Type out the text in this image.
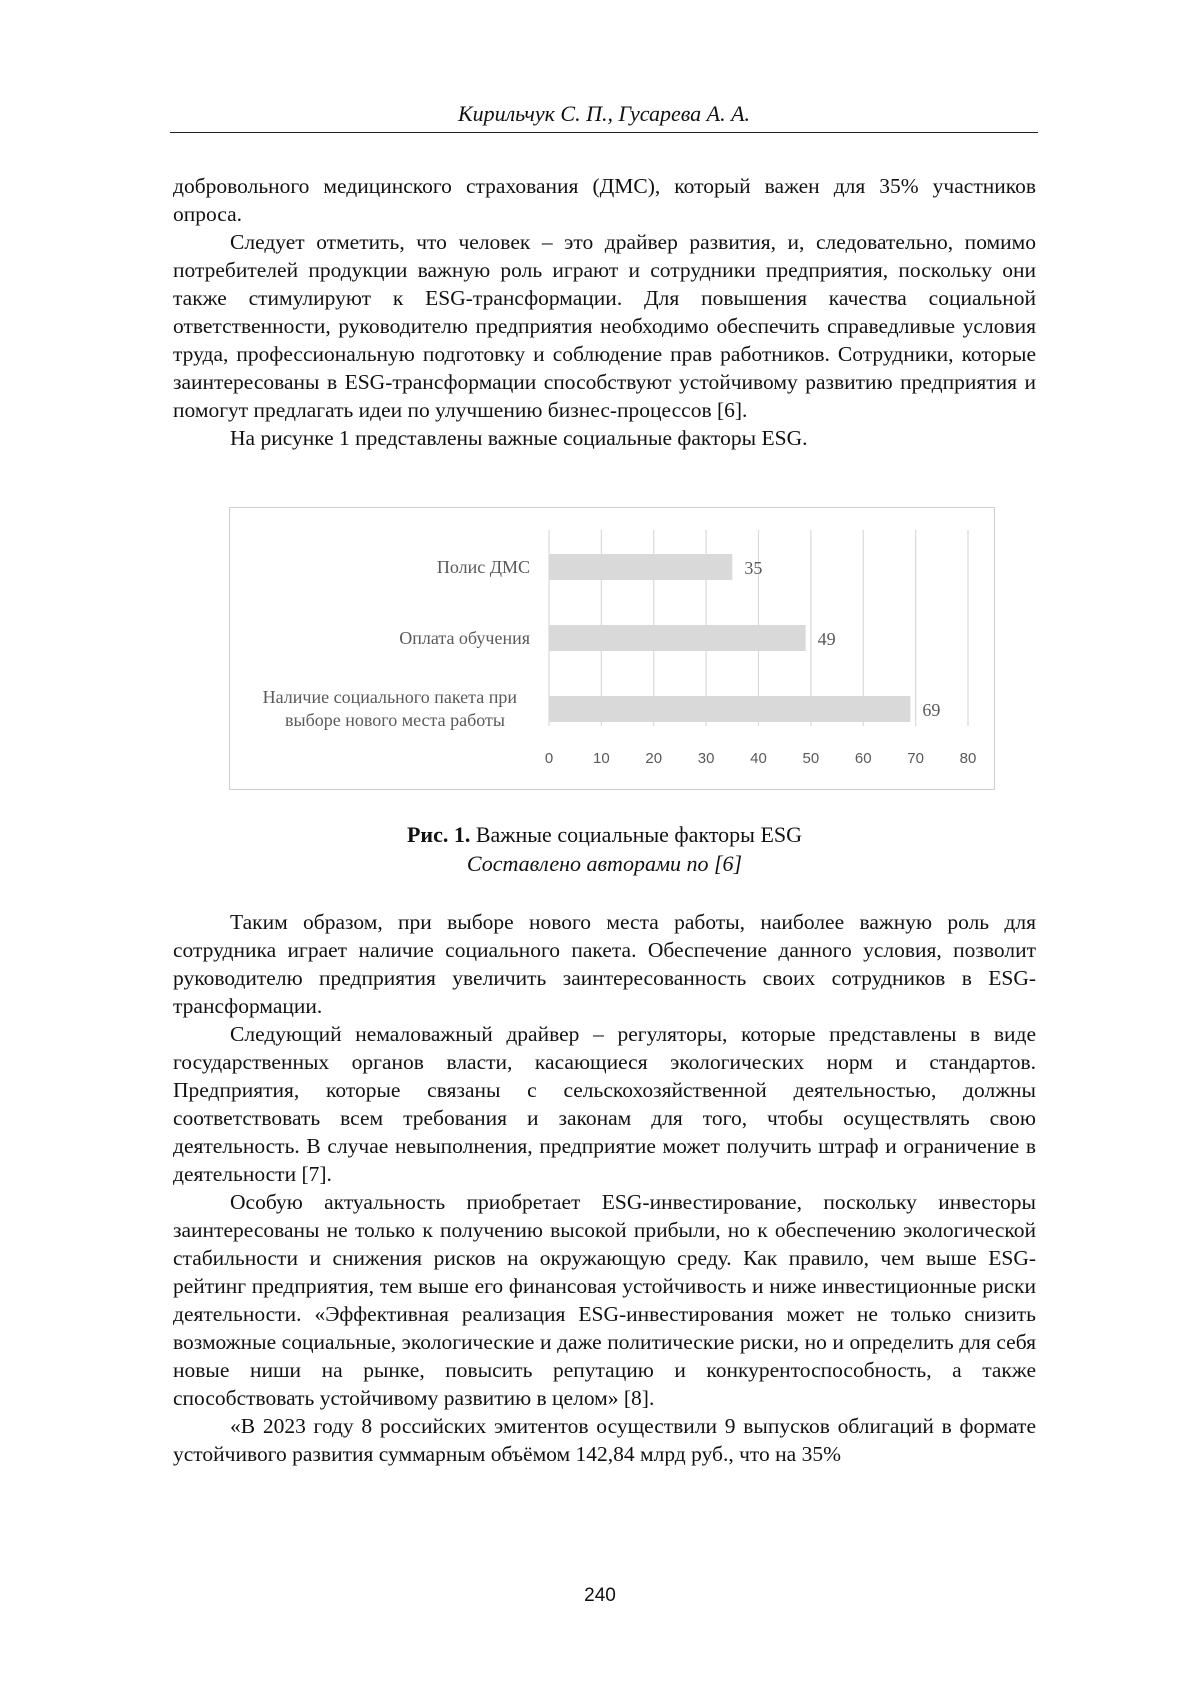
Кирильчук С. П., Гусарева А. А.

добровольного медицинского страхования (ДМС), который важен для 35% участников опроса.

Следует отметить, что человек – это драйвер развития, и, следовательно, помимо потребителей продукции важную роль играют и сотрудники предприятия, поскольку они также стимулируют к ESG-трансформации. Для повышения качества социальной ответственности, руководителю предприятия необходимо обеспечить справедливые условия труда, профессиональную подготовку и соблюдение прав работников. Сотрудники, которые заинтересованы в ESG-трансформации способствуют устойчивому развитию предприятия и помогут предлагать идеи по улучшению бизнес-процессов [6].

На рисунке 1 представлены важные социальные факторы ESG.

0	10 20 30 40 50 60 70 80
35
Полис ДМС
49
Оплата обучения
69
Наличие социального пакета при выборе нового места работы
Рис. 1. Важные социальные факторы ESG
Составлено авторами по [6]

Таким образом, при выборе нового места работы, наиболее важную роль для сотрудника играет наличие социального пакета. Обеспечение данного условия, позволит руководителю предприятия увеличить заинтересованность своих сотрудников в ESG-трансформации.

Следующий немаловажный драйвер – регуляторы, которые представлены в виде государственных органов власти, касающиеся экологических норм и стандартов. Предприятия, которые связаны с сельскохозяйственной деятельностью, должны соответствовать всем требования и законам для того, чтобы осуществлять свою деятельность. В случае невыполнения, предприятие может получить штраф и ограничение в деятельности [7].

Особую актуальность приобретает ESG-инвестирование, поскольку инвесторы заинтересованы не только к получению высокой прибыли, но к обеспечению экологической стабильности и снижения рисков на окружающую среду. Как правило, чем выше ESG-рейтинг предприятия, тем выше его финансовая устойчивость и ниже инвестиционные риски деятельности. «Эффективная реализация ESG-инвестирования может не только снизить возможные социальные, экологические и даже политические риски, но и определить для себя новые ниши на рынке, повысить репутацию и конкурентоспособность, а также способствовать устойчивому развитию в целом» [8].

«В 2023 году 8 российских эмитентов осуществили 9 выпусков облигаций в формате устойчивого развития суммарным объёмом 142,84 млрд руб., что на 35%

240
